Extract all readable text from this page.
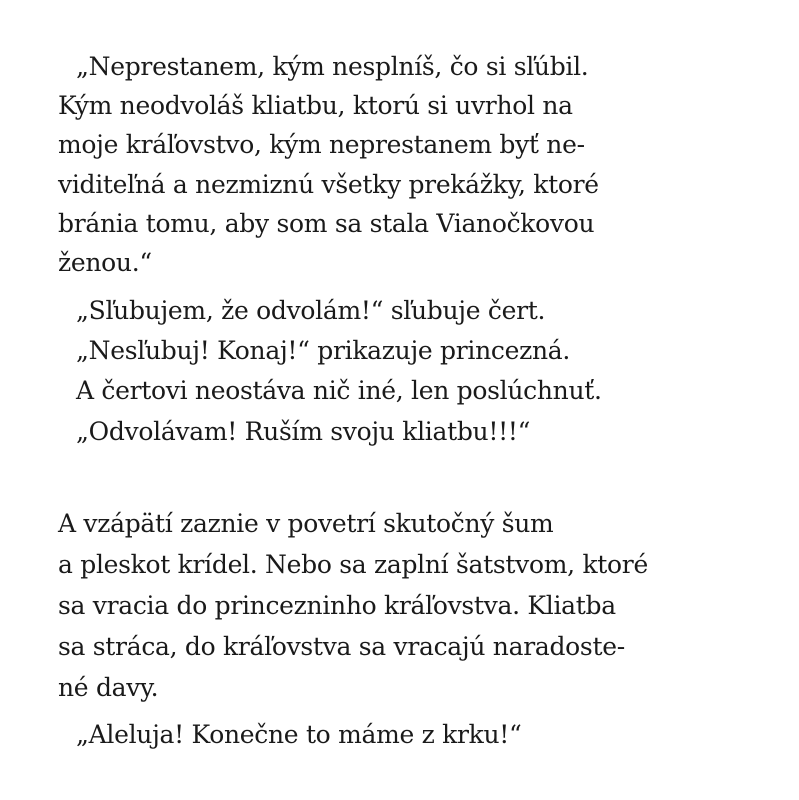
„Neprestanem, kým nesplníš, čo si sľúbil.
Kým neodvoláš kliatbu, ktorú si uvrhol na
moje kráľovstvo, kým neprestanem byť ne-
viditeľná a nezmiznú všetky prekážky, ktoré
bránia tomu, aby som sa stala Vianočkovou
ženou.“
„Sľubujem, že odvolám!“ sľubuje čert.
„Nesľubuj! Konaj!“ prikazuje princezná.
A čertovi neostáva nič iné, len poslúchnuť.
„Odvolávam! Ruším svoju kliatbu!!!“
A vzápätí zaznie v povetrí skutočný šum
a pleskot krídel. Nebo sa zaplní šatstvom, ktoré
sa vracia do princezninho kráľovstva. Kliatba
sa stráca, do kráľovstva sa vracajú naradoste-
né davy.
„Aleluja! Konečne to máme z krku!“
